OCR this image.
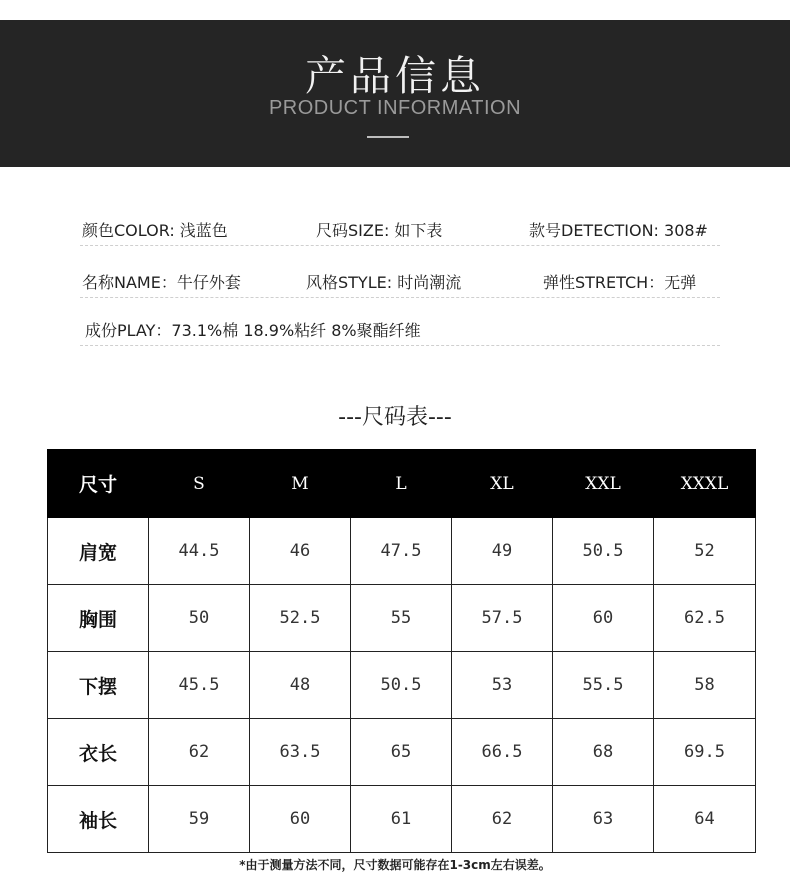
产品信息
PRODUCT INFORMATION
颜色COLOR: 浅蓝色	尺码SIZE: 如下表	款号DETECTION: 308#
名称NAME：牛仔外套	风格STYLE: 时尚潮流	弹性STRETCH：无弹
成份PLAY：73.1%棉 18.9%粘纤 8%聚酯纤维
---尺码表---
尺寸	S	M	L	XL	XXL	XXXL
肩宽	44.5	46	47.5	49	50.5	52
胸围	50	52.5	55	57.5	60	62.5
下摆	45.5	48	50.5	53	55.5	58
衣长	62	63.5	65	66.5	68	69.5
袖长	59	60	61	62	63	64
*由于测量方法不同，尺寸数据可能存在1-3cm左右误差。
